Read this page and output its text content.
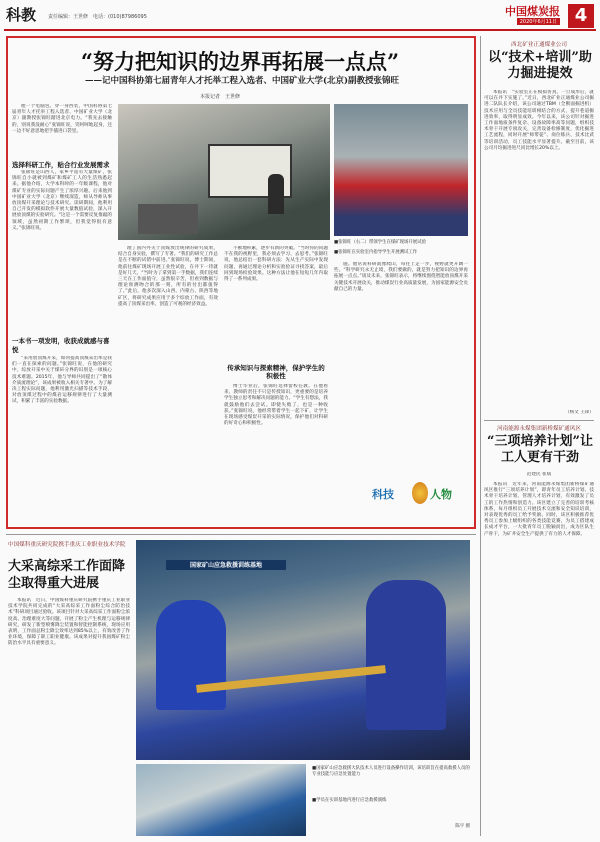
科教 责任编辑：王世修　电话：(010)87986095	中国煤炭报
2020年6月11日 4
“努力把知识的边界再拓展一点点”
——记中国科协第七届青年人才托举工程入选者、中国矿业大学(北京)副教授张锦旺
本报记者　王世修

他一个电脑包、穿一身西装，中国科协第七届青年人才托举工程入选者、中国矿业大学（北京）副教授张锦旺踏进北京电力。“我先去接触的，别说我没耐心”张锦旺说，笑呵呵地起身，还一边不好意思地把手插进口袋里。

选择科研工作，贴合行业发展需求

张锦旺是山西人，家乡平遥有大量煤矿，张锦旺自小就被到煤矿和煤矿工人的生活熟悉起来。据他介绍，大学本科时的一年级课程，他对煤矿专业的实际问题产生了浓厚兴趣。后来他到中国矿业大学（北京）继续深造，师从导师从事放顶煤开采理论与技术研究。读研期间，他利用自己开发的模拟软件开展大量数值试验，深入开展放顶煤的实验研究。“这是一个需要反复推敲的领域，虽然初期工作繁琐，但我觉得很有意义。”张锦旺说。

一本书一项发明，收获成就感与喜悦

“采用放顶煤开采，如何提高顶煤采出率是我们一直在探索的问题。”张锦旺说，在他的研究中，综放开采中关于煤矸分界的识别是一项核心技术难题。2015年，他与导师共同提出了“散体介质流理论”，该成果被收入相关专著中。为了解决工程实际问题，他利用激光扫描等技术手段，对放顶煤过程中的煤岩运移规律进行了大量测试，积累了丰富的实验数据。

■张锦旺（右二）带领学生在煤矿现场开展试验
■张锦旺在实验室内指导学生开展测试工作

理了国内外关于顶煤放出规律的研究成果，结合自身实验，撰写了专著。“我们的研究工作总是在不断的试错中前进。”张锦旺说，博士期间，他前往煤矿现场开展工业性试验，在井下一待就是好几天。“当时为了拿到第一手数据，我们连续三天在工作面值守，虽然很辛苦，但看到数据与理论预测吻合的那一刻，所有的付出都值得了。”此后，他多次深入山西、内蒙古、陕西等地矿区，将研究成果应用于多个综放工作面，有效提高了顶煤采出率，创造了可观的经济效益。

不断地积累，逐步有新的突破。“当时你的问题不在我的视野里，我必须去学习、去思考。”张锦旺说，他总结出一套科研方法：先从生产实际中发现问题，再通过理论分析和实验验证寻找答案，最后回到现场检验效果。这种方法让他在短短几年内取得了一系列成果。

传承知识与探索精神，保护学生的积极性

博士毕业后，张锦旺选择留校任教。在他看来，教师的责任不只是传授知识，更重要的是培养学生独立思考和解决问题的能力。“学生有想法，我就鼓励他们去尝试。即使失败了，也是一种收获。”张锦旺说，他经常带着学生一起下矿，让学生在现场感受煤炭开采的实际情况，保护他们对科研的好奇心和积极性。

施。他常说科研就像爬山，每往上走一步，视野就更开阔一些。“科学研究永无止境，我们要做的，就是努力把知识的边界再拓展一点点。”谈及未来，张锦旺表示，将继续围绕智能放顶煤开采关键技术开展攻关，推动煤炭行业高质量发展，为国家能源安全贡献自己的力量。

科技	人物
西北矿业正通煤业公司
以“技术+培训”助力掘进提效

本报讯　“实验室正在模拟仿真，一旦成形后，就可以在井下实施了。”近日，西北矿业正通煤业公司掘进二队队长介绍，该公司通过TBM（全断面掘进机）技术应用与全员技能培训相结合的方式，提升巷道掘进效率，取得明显成效。今年以来，该公司针对掘进工作面地质条件复杂、设备故障率高等问题，组织技术骨干开展专项攻关，完善设备检修制度，优化掘进工艺流程，同时开展“师带徒”、岗位练兵、技术比武等培训活动，员工技能水平显著提升。截至目前，该公司月均掘进进尺同比增长20%以上。

（杨文 王锋）
河南能源永煤集团新桥煤矿通风区
“三项培养计划”让工人更有干劲
范建民 崔斌

本报讯　近年来，河南能源永煤集团新桥煤矿通风区推行“三项培养计划”，即青年员工培养计划、技术骨干培养计划、管理人才培养计划，有效激发了员工的工作热情和创造力。该区建立了完善的培训考核体系，每月组织员工开展技术交流和安全知识培训，对表现优秀的员工给予奖励。同时，该区积极推荐优秀员工参加上级组织的各类技能竞赛，为员工搭建成长成才平台，一大批青年员工脱颖而出，成为区队生产骨干，为矿井安全生产提供了有力的人才保障。

中国煤科重庆研究院携手重庆工业职业技术学院
大采高综采工作面降尘取得重大进展

本报讯　近日，中国煤科重庆研究院携手重庆工业职业技术学院共同完成的“大采高综采工作面粉尘综合防治技术”科研项目通过验收。该项目针对大采高综采工作面粉尘浓度高、治理难度大等问题，开展了粉尘产生机理与运移规律研究，研发了新型喷雾降尘装置和智能控制系统，现场应用表明，工作面总粉尘降尘效率达到85%以上，有效改善了作业环境，保障了职工职业健康。该成果对提升我国煤矿粉尘防治水平具有重要意义。

国家矿山应急救援训练基地
■国家矿山应急救援大队技术人员进行设备操作培训，该培训旨在提高救援人员的专业技能与应急处置能力
■学员在实训基地内进行应急救援演练
　陈宇 摄
